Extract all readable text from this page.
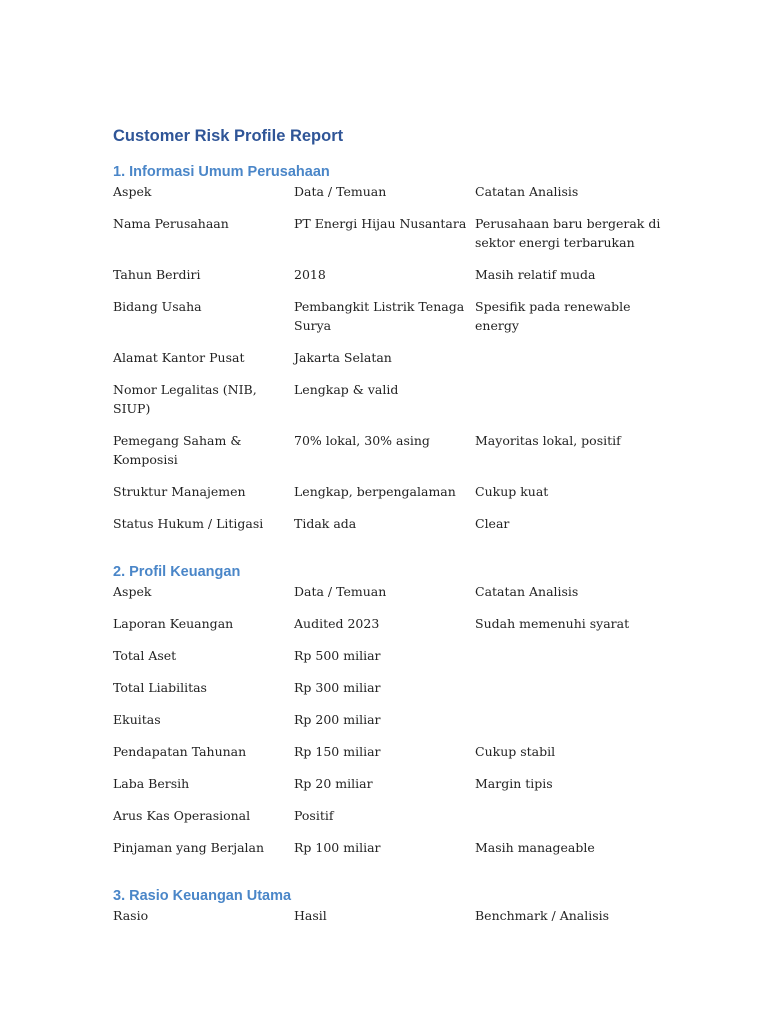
Customer Risk Profile Report
1. Informasi Umum Perusahaan
Aspek	Data / Temuan	Catatan Analisis
Nama Perusahaan	PT Energi Hijau Nusantara	Perusahaan baru bergerak di sektor energi terbarukan
Tahun Berdiri	2018	Masih relatif muda
Bidang Usaha	Pembangkit Listrik Tenaga Surya	Spesifik pada renewable energy
Alamat Kantor Pusat	Jakarta Selatan	
Nomor Legalitas (NIB, SIUP)	Lengkap & valid	
Pemegang Saham & Komposisi	70% lokal, 30% asing	Mayoritas lokal, positif
Struktur Manajemen	Lengkap, berpengalaman	Cukup kuat
Status Hukum / Litigasi	Tidak ada	Clear
2. Profil Keuangan
Aspek	Data / Temuan	Catatan Analisis
Laporan Keuangan	Audited 2023	Sudah memenuhi syarat
Total Aset	Rp 500 miliar	
Total Liabilitas	Rp 300 miliar	
Ekuitas	Rp 200 miliar	
Pendapatan Tahunan	Rp 150 miliar	Cukup stabil
Laba Bersih	Rp 20 miliar	Margin tipis
Arus Kas Operasional	Positif	
Pinjaman yang Berjalan	Rp 100 miliar	Masih manageable
3. Rasio Keuangan Utama
Rasio	Hasil	Benchmark / Analisis
